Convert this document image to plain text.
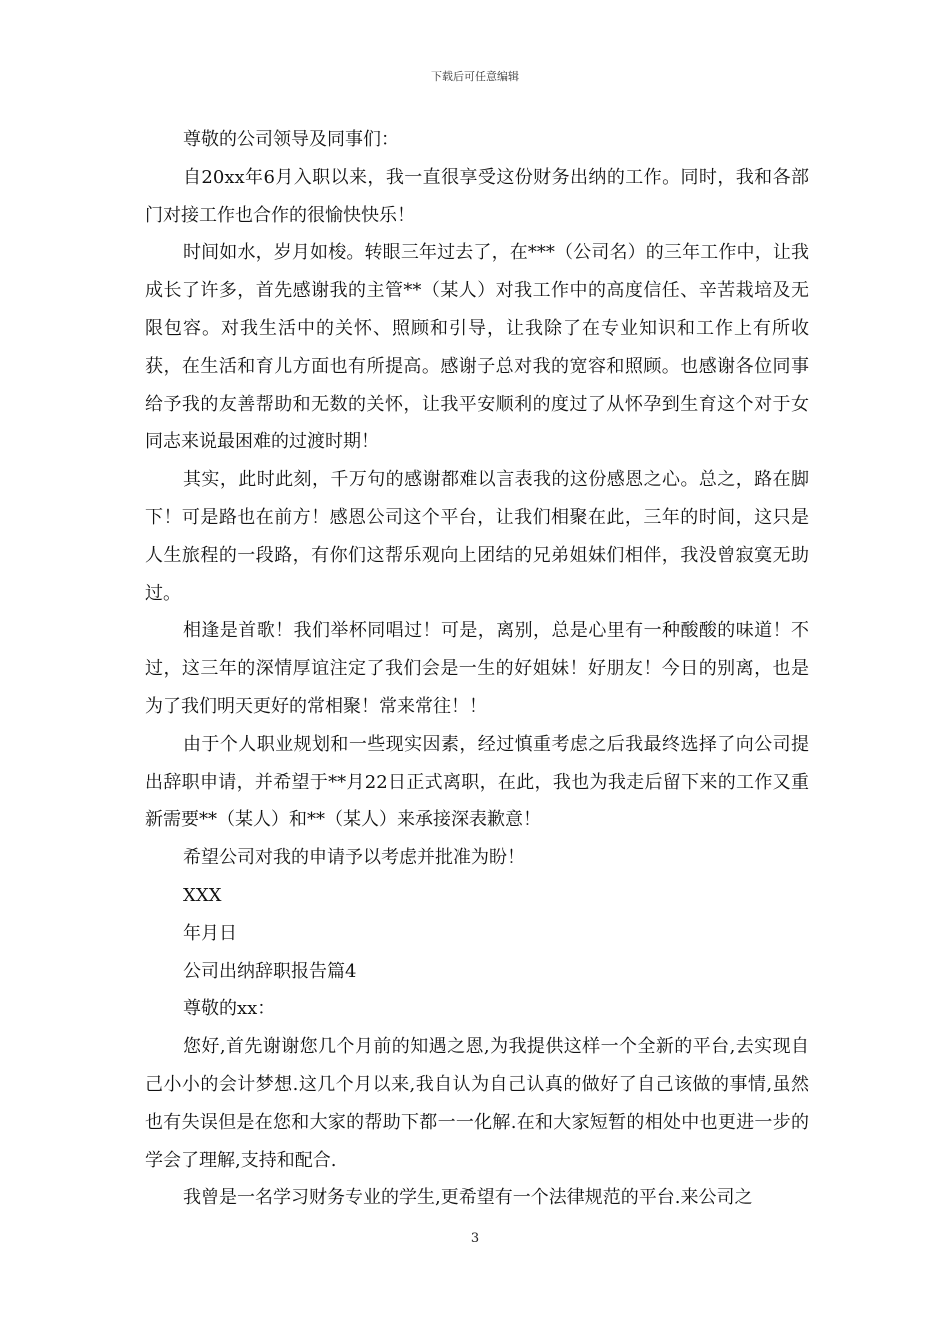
下载后可任意编辑

尊敬的公司领导及同事们：

自20xx年6月入职以来，我一直很享受这份财务出纳的工作。同时，我和各部门对接工作也合作的很愉快快乐！

时间如水，岁月如梭。转眼三年过去了，在***（公司名）的三年工作中，让我成长了许多，首先感谢我的主管**（某人）对我工作中的高度信任、辛苦栽培及无限包容。对我生活中的关怀、照顾和引导，让我除了在专业知识和工作上有所收获，在生活和育儿方面也有所提高。感谢子总对我的宽容和照顾。也感谢各位同事给予我的友善帮助和无数的关怀，让我平安顺利的度过了从怀孕到生育这个对于女同志来说最困难的过渡时期！

其实，此时此刻，千万句的感谢都难以言表我的这份感恩之心。总之，路在脚下！可是路也在前方！感恩公司这个平台，让我们相聚在此，三年的时间，这只是人生旅程的一段路，有你们这帮乐观向上团结的兄弟姐妹们相伴，我没曾寂寞无助过。

相逢是首歌！我们举杯同唱过！可是，离别，总是心里有一种酸酸的味道！不过，这三年的深情厚谊注定了我们会是一生的好姐妹！好朋友！今日的别离，也是为了我们明天更好的常相聚！常来常往！！

由于个人职业规划和一些现实因素，经过慎重考虑之后我最终选择了向公司提出辞职申请，并希望于**月22日正式离职，在此，我也为我走后留下来的工作又重新需要**（某人）和**（某人）来承接深表歉意！

希望公司对我的申请予以考虑并批准为盼！

XXX

年月日

公司出纳辞职报告篇4

尊敬的xx：

您好,首先谢谢您几个月前的知遇之恩,为我提供这样一个全新的平台,去实现自己小小的会计梦想.这几个月以来,我自认为自己认真的做好了自己该做的事情,虽然也有失误但是在您和大家的帮助下都一一化解.在和大家短暂的相处中也更进一步的学会了理解,支持和配合.

我曾是一名学习财务专业的学生,更希望有一个法律规范的平台.来公司之

3
